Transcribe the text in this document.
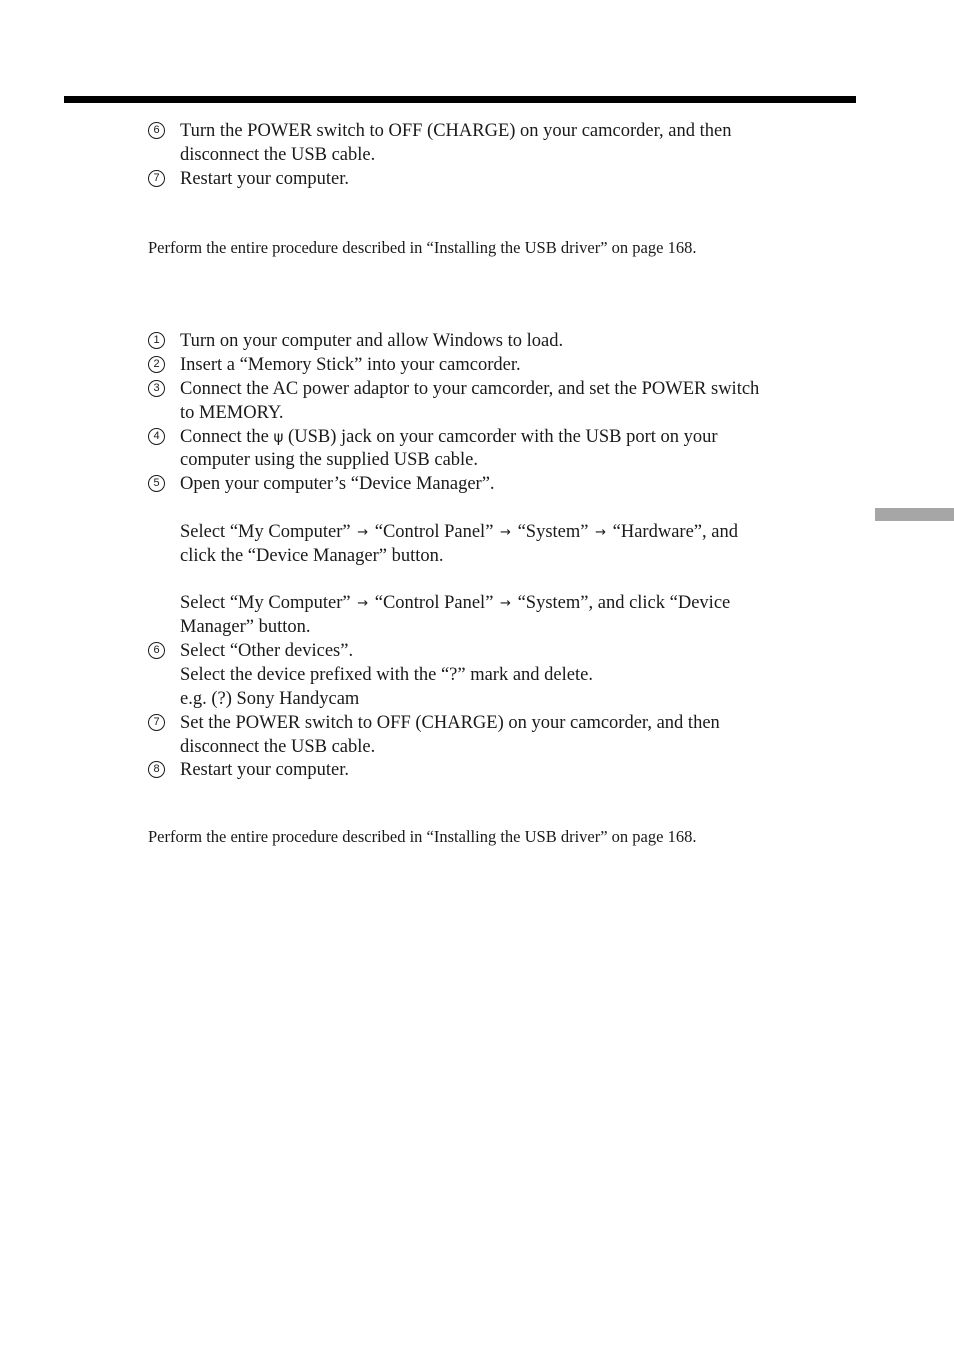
6 Turn the POWER switch to OFF (CHARGE) on your camcorder, and then
disconnect the USB cable.
7 Restart your computer.
Perform the entire procedure described in “Installing the USB driver” on page 168.
1 Turn on your computer and allow Windows to load.
2 Insert a “Memory Stick” into your camcorder.
3 Connect the AC power adaptor to your camcorder, and set the POWER switch
to MEMORY.
4 Connect the ψ (USB) jack on your camcorder with the USB port on your
computer using the supplied USB cable.
5 Open your computer’s “Device Manager”.
Select “My Computer” → “Control Panel” → “System” → “Hardware”, and
click the “Device Manager” button.
Select “My Computer” → “Control Panel” → “System”, and click “Device
Manager” button.
6 Select “Other devices”.
Select the device prefixed with the “?” mark and delete.
e.g. (?) Sony Handycam
7 Set the POWER switch to OFF (CHARGE) on your camcorder, and then
disconnect the USB cable.
8 Restart your computer.
Perform the entire procedure described in “Installing the USB driver” on page 168.
